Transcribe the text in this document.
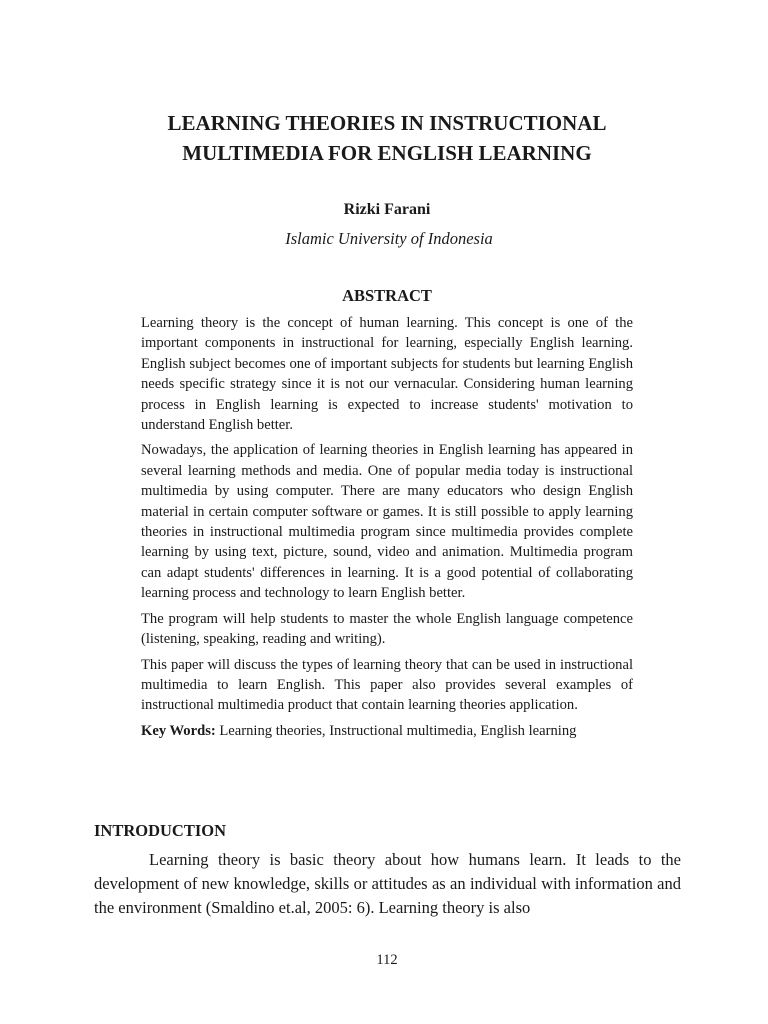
LEARNING THEORIES IN INSTRUCTIONAL
MULTIMEDIA FOR ENGLISH LEARNING
Rizki Farani
Islamic University of Indonesia
ABSTRACT

Learning theory is the concept of human learning. This concept is one of the important components in instructional for learning, especially English learning. English subject becomes one of important subjects for students but learning English needs specific strategy since it is not our vernacular. Considering human learning process in English learning is expected to increase students' motivation to understand English better.

Nowadays, the application of learning theories in English learning has appeared in several learning methods and media. One of popular media today is instructional multimedia by using computer. There are many educators who design English material in certain computer software or games. It is still possible to apply learning theories in instructional multimedia program since multimedia provides complete learning by using text, picture, sound, video and animation. Multimedia program can adapt students' differences in learning. It is a good potential of collaborating learning process and technology to learn English better.

The program will help students to master the whole English language competence (listening, speaking, reading and writing).

This paper will discuss the types of learning theory that can be used in instructional multimedia to learn English. This paper also provides several examples of instructional multimedia product that contain learning theories application.

Key Words: Learning theories, Instructional multimedia, English learning

INTRODUCTION

Learning theory is basic theory about how humans learn. It leads to the development of new knowledge, skills or attitudes as an individual with information and the environment (Smaldino et.al, 2005: 6). Learning theory is also

112
